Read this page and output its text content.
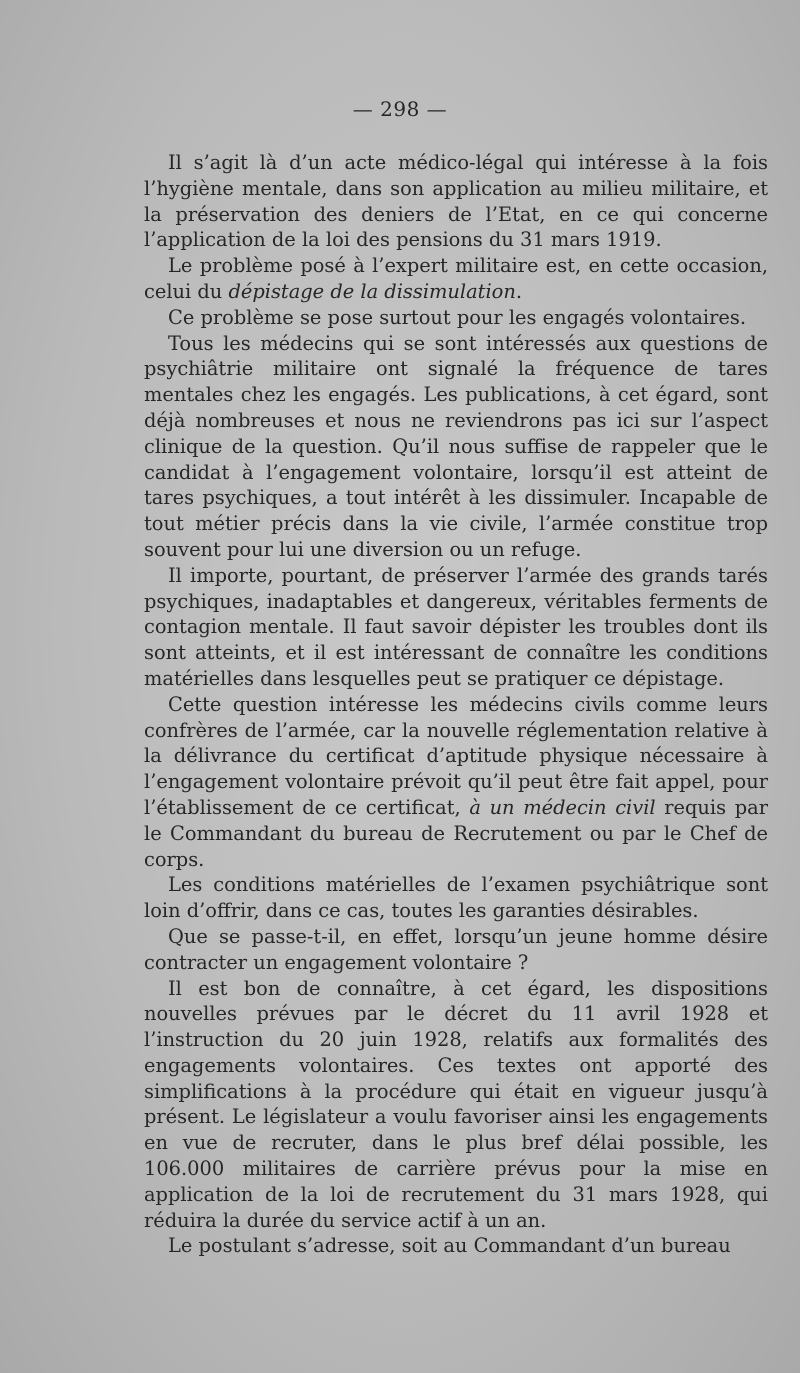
— 298 —

Il s’agit là d’un acte médico-légal qui intéresse à la fois l’hygiène mentale, dans son application au milieu militaire, et la préservation des deniers de l’Etat, en ce qui concerne l’application de la loi des pensions du 31 mars 1919.

Le problème posé à l’expert militaire est, en cette occasion, celui du dépistage de la dissimulation.

Ce problème se pose surtout pour les engagés volontaires.

Tous les médecins qui se sont intéressés aux questions de psychiâtrie militaire ont signalé la fréquence de tares mentales chez les engagés. Les publications, à cet égard, sont déjà nombreuses et nous ne reviendrons pas ici sur l’aspect clinique de la question. Qu’il nous suffise de rappeler que le candidat à l’engagement volontaire, lorsqu’il est atteint de tares psychiques, a tout intérêt à les dissimuler. Incapable de tout métier précis dans la vie civile, l’armée constitue trop souvent pour lui une diversion ou un refuge.

Il importe, pourtant, de préserver l’armée des grands tarés psychiques, inadaptables et dangereux, véritables ferments de contagion mentale. Il faut savoir dépister les troubles dont ils sont atteints, et il est intéressant de connaître les conditions matérielles dans lesquelles peut se pratiquer ce dépistage.

Cette question intéresse les médecins civils comme leurs confrères de l’armée, car la nouvelle réglementation relative à la délivrance du certificat d’aptitude physique nécessaire à l’engagement volontaire prévoit qu’il peut être fait appel, pour l’établissement de ce certificat, à un médecin civil requis par le Commandant du bureau de Recrutement ou par le Chef de corps.

Les conditions matérielles de l’examen psychiâtrique sont loin d’offrir, dans ce cas, toutes les garanties désirables.

Que se passe-t-il, en effet, lorsqu’un jeune homme désire contracter un engagement volontaire ?

Il est bon de connaître, à cet égard, les dispositions nouvelles prévues par le décret du 11 avril 1928 et l’instruction du 20 juin 1928, relatifs aux formalités des engagements volontaires. Ces textes ont apporté des simplifications à la procédure qui était en vigueur jusqu’à présent. Le législateur a voulu favoriser ainsi les engagements en vue de recruter, dans le plus bref délai possible, les 106.000 militaires de carrière prévus pour la mise en application de la loi de recrutement du 31 mars 1928, qui réduira la durée du service actif à un an.

Le postulant s’adresse, soit au Commandant d’un bureau
